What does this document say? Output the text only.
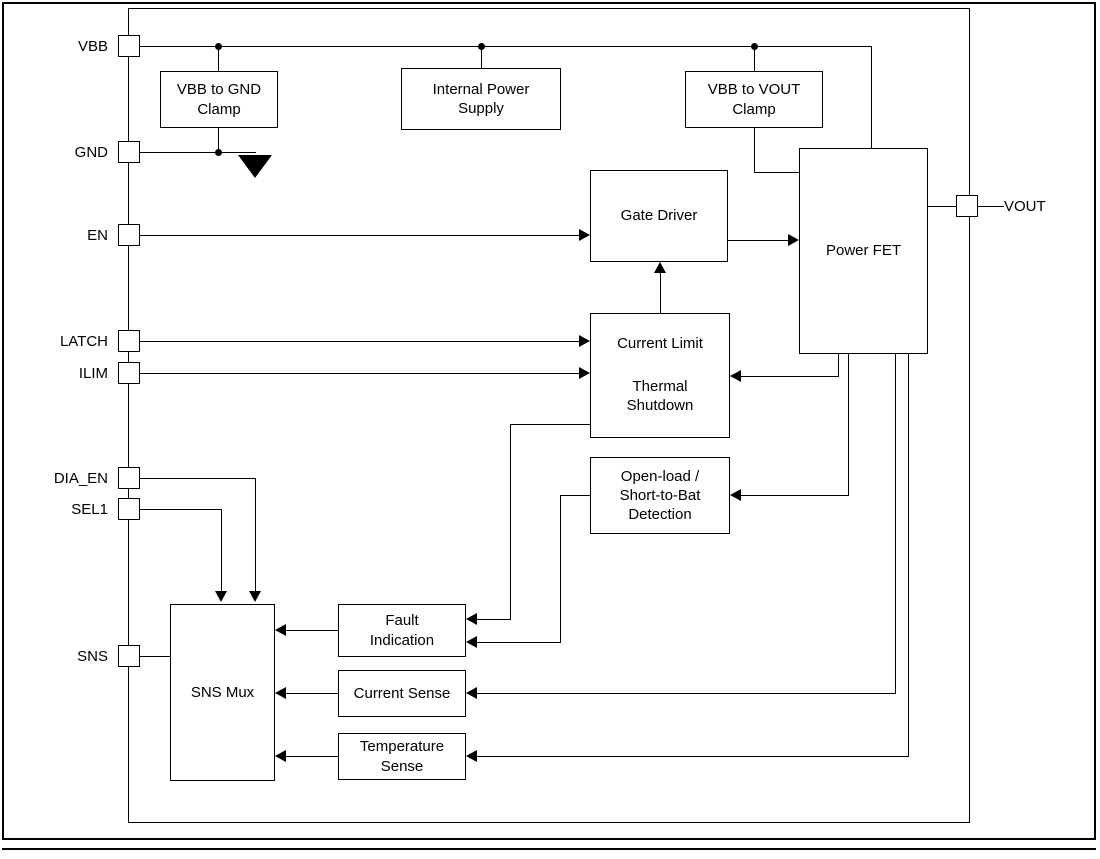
VBB
GND
EN
LATCH
ILIM
DIA_EN
SEL1
SNS
VOUT
VBB to GND
Clamp
Internal Power
Supply
VBB to VOUT
Clamp
Gate Driver
Power FET
Current Limit
Thermal
Shutdown
Open-load /
Short-to-Bat
Detection
Fault
Indication
SNS Mux	Current Sense
Temperature
Sense
